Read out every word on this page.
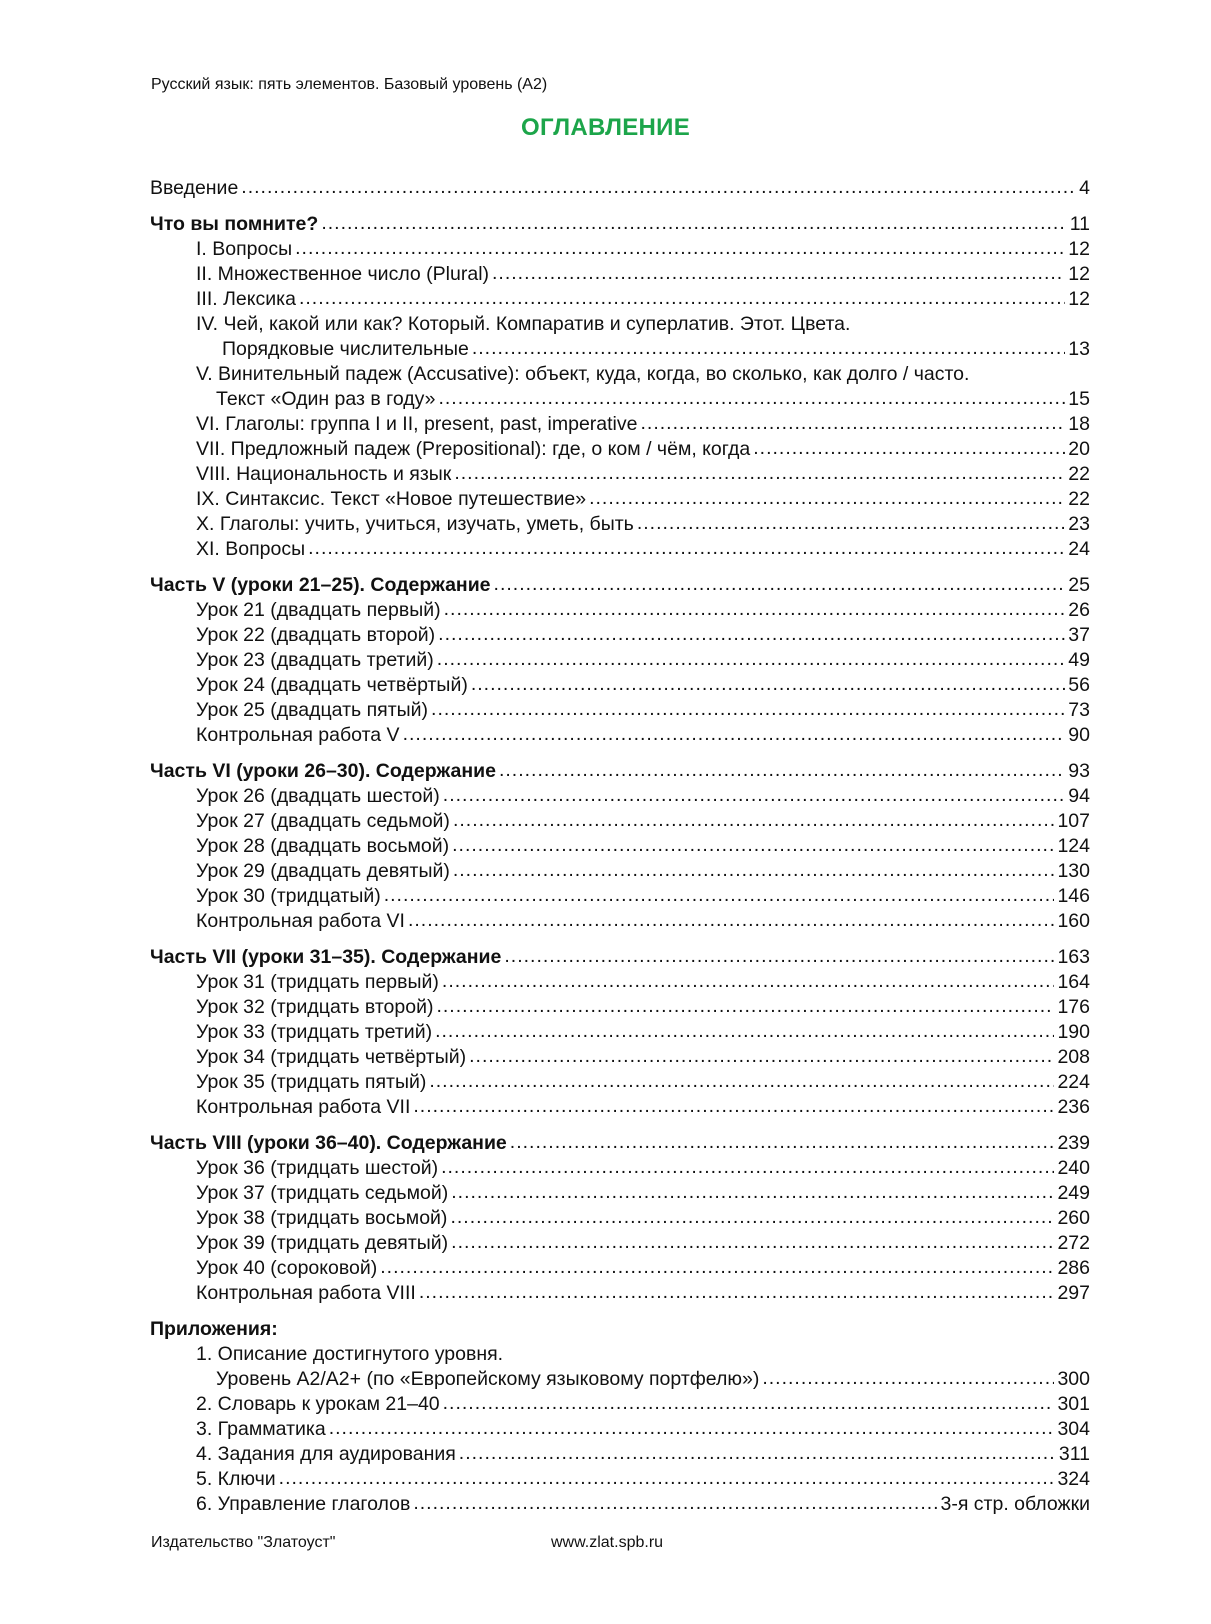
Русский язык: пять элементов. Базовый уровень (А2)
ОГЛАВЛЕНИЕ
Введение .....	4
Что вы помните? .....	11
I. Вопросы .....	12
II. Множественное число (Plural) .....	12
III. Лексика .....	12
IV. Чей, какой или как? Который. Компаратив и суперлатив. Этот. Цвета.
Порядковые числительные .....	13
V. Винительный падеж (Accusative): объект, куда, когда, во сколько, как долго / часто.
Текст «Один раз в году» .....	15
VI. Глаголы: группа I и II, present, past, imperative .....	18
VII. Предложный падеж (Prepositional): где, о ком / чём, когда .....	20
VIII. Национальность и язык .....	22
IX. Синтаксис. Текст «Новое путешествие» .....	22
X. Глаголы: учить, учиться, изучать, уметь, быть .....	23
XI. Вопросы .....	24
Часть V (уроки 21–25). Содержание .....	25
Урок 21 (двадцать первый) .....	26
Урок 22 (двадцать второй) .....	37
Урок 23 (двадцать третий) .....	49
Урок 24 (двадцать четвёртый) .....	56
Урок 25 (двадцать пятый) .....	73
Контрольная работа V .....	90
Часть VI (уроки 26–30). Содержание .....	93
Урок 26 (двадцать шестой) .....	94
Урок 27 (двадцать седьмой) .....	107
Урок 28 (двадцать восьмой) .....	124
Урок 29 (двадцать девятый) .....	130
Урок 30 (тридцатый) .....	146
Контрольная работа VI .....	160
Часть VII (уроки 31–35). Содержание .....	163
Урок 31 (тридцать первый) .....	164
Урок 32 (тридцать второй) .....	176
Урок 33 (тридцать третий) .....	190
Урок 34 (тридцать четвёртый) .....	208
Урок 35 (тридцать пятый) .....	224
Контрольная работа VII .....	236
Часть VIII (уроки 36–40). Содержание .....	239
Урок 36 (тридцать шестой) .....	240
Урок 37 (тридцать седьмой) .....	249
Урок 38 (тридцать восьмой) .....	260
Урок 39 (тридцать девятый) .....	272
Урок 40 (сороковой) .....	286
Контрольная работа VIII .....	297
Приложения:
1. Описание достигнутого уровня.
Уровень А2/А2+ (по «Европейскому языковому портфелю») .....	300
2. Словарь к урокам 21–40 .....	301
3. Грамматика .....	304
4. Задания для аудирования .....	311
5. Ключи .....	324
6. Управление глаголов .....	3-я стр. обложки
Издательство "Златоуст"	www.zlat.spb.ru
